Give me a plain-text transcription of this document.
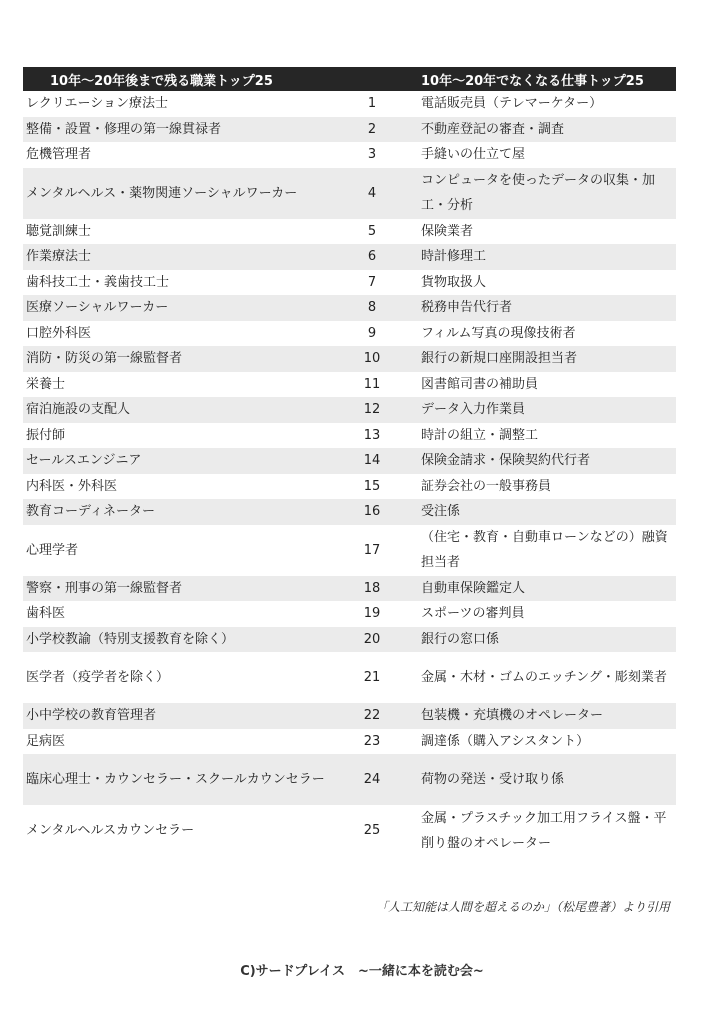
10年～20年後まで残る職業トップ25		10年～20年でなくなる仕事トップ25
レクリエーション療法士	1	電話販売員（テレマーケター）
整備・設置・修理の第一線貫禄者	2	不動産登記の審査・調査
危機管理者	3	手縫いの仕立て屋
メンタルヘルス・薬物関連ソーシャルワーカー	4	コンピュータを使ったデータの収集・加工・分析
聴覚訓練士	5	保険業者
作業療法士	6	時計修理工
歯科技工士・義歯技工士	7	貨物取扱人
医療ソーシャルワーカー	8	税務申告代行者
口腔外科医	9	フィルム写真の現像技術者
消防・防災の第一線監督者	10	銀行の新規口座開設担当者
栄養士	11	図書館司書の補助員
宿泊施設の支配人	12	データ入力作業員
振付師	13	時計の組立・調整工
セールスエンジニア	14	保険金請求・保険契約代行者
内科医・外科医	15	証券会社の一般事務員
教育コーディネーター	16	受注係
心理学者	17	（住宅・教育・自動車ローンなどの）融資担当者
警察・刑事の第一線監督者	18	自動車保険鑑定人
歯科医	19	スポーツの審判員
小学校教諭（特別支援教育を除く）	20	銀行の窓口係
医学者（疫学者を除く）	21	金属・木材・ゴムのエッチング・彫刻業者
小中学校の教育管理者	22	包装機・充填機のオペレーター
足病医	23	調達係（購入アシスタント）
臨床心理士・カウンセラー・スクールカウンセラー	24	荷物の発送・受け取り係
メンタルヘルスカウンセラー	25	金属・プラスチック加工用フライス盤・平削り盤のオペレーター
「人工知能は人間を超えるのか」（松尾豊著）より引用
C)サードプレイス　~一緒に本を読む会~
